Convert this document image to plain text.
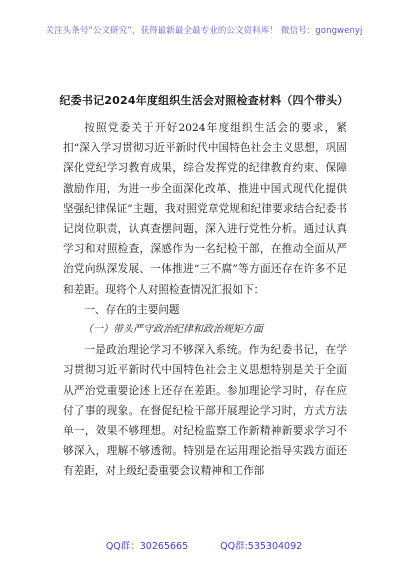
关注头条号“公文研究”，获得最新最全最专业的公文资料库！ 微信号：gongwenyj
纪委书记2024年度组织生活会对照检查材料（四个带头）

按照党委关于开好2024年度组织生活会的要求，紧扣“深入学习贯彻习近平新时代中国特色社会主义思想，巩固深化党纪学习教育成果，综合发挥党的纪律教育约束、保障激励作用，为进一步全面深化改革、推进中国式现代化提供坚强纪律保证”主题，我对照党章党规和纪律要求结合纪委书记岗位职责，认真查摆问题，深入进行党性分析。通过认真学习和对照检查，深感作为一名纪检干部，在推动全面从严治党向纵深发展、一体推进“三不腐”等方面还存在许多不足和差距。现将个人对照检查情况汇报如下：

一、存在的主要问题

（一）带头严守政治纪律和政治规矩方面

一是政治理论学习不够深入系统。作为纪委书记，在学习贯彻习近平新时代中国特色社会主义思想特别是关于全面从严治党重要论述上还存在差距。参加理论学习时，存在应付了事的现象。在督促纪检干部开展理论学习时，方式方法单一，效果不够理想。对纪检监察工作新精神新要求学习不够深入，理解不够透彻。特别是在运用理论指导实践方面还有差距，对上级纪委重要会议精神和工作部

QQ群：30265665	QQ群:535304092
